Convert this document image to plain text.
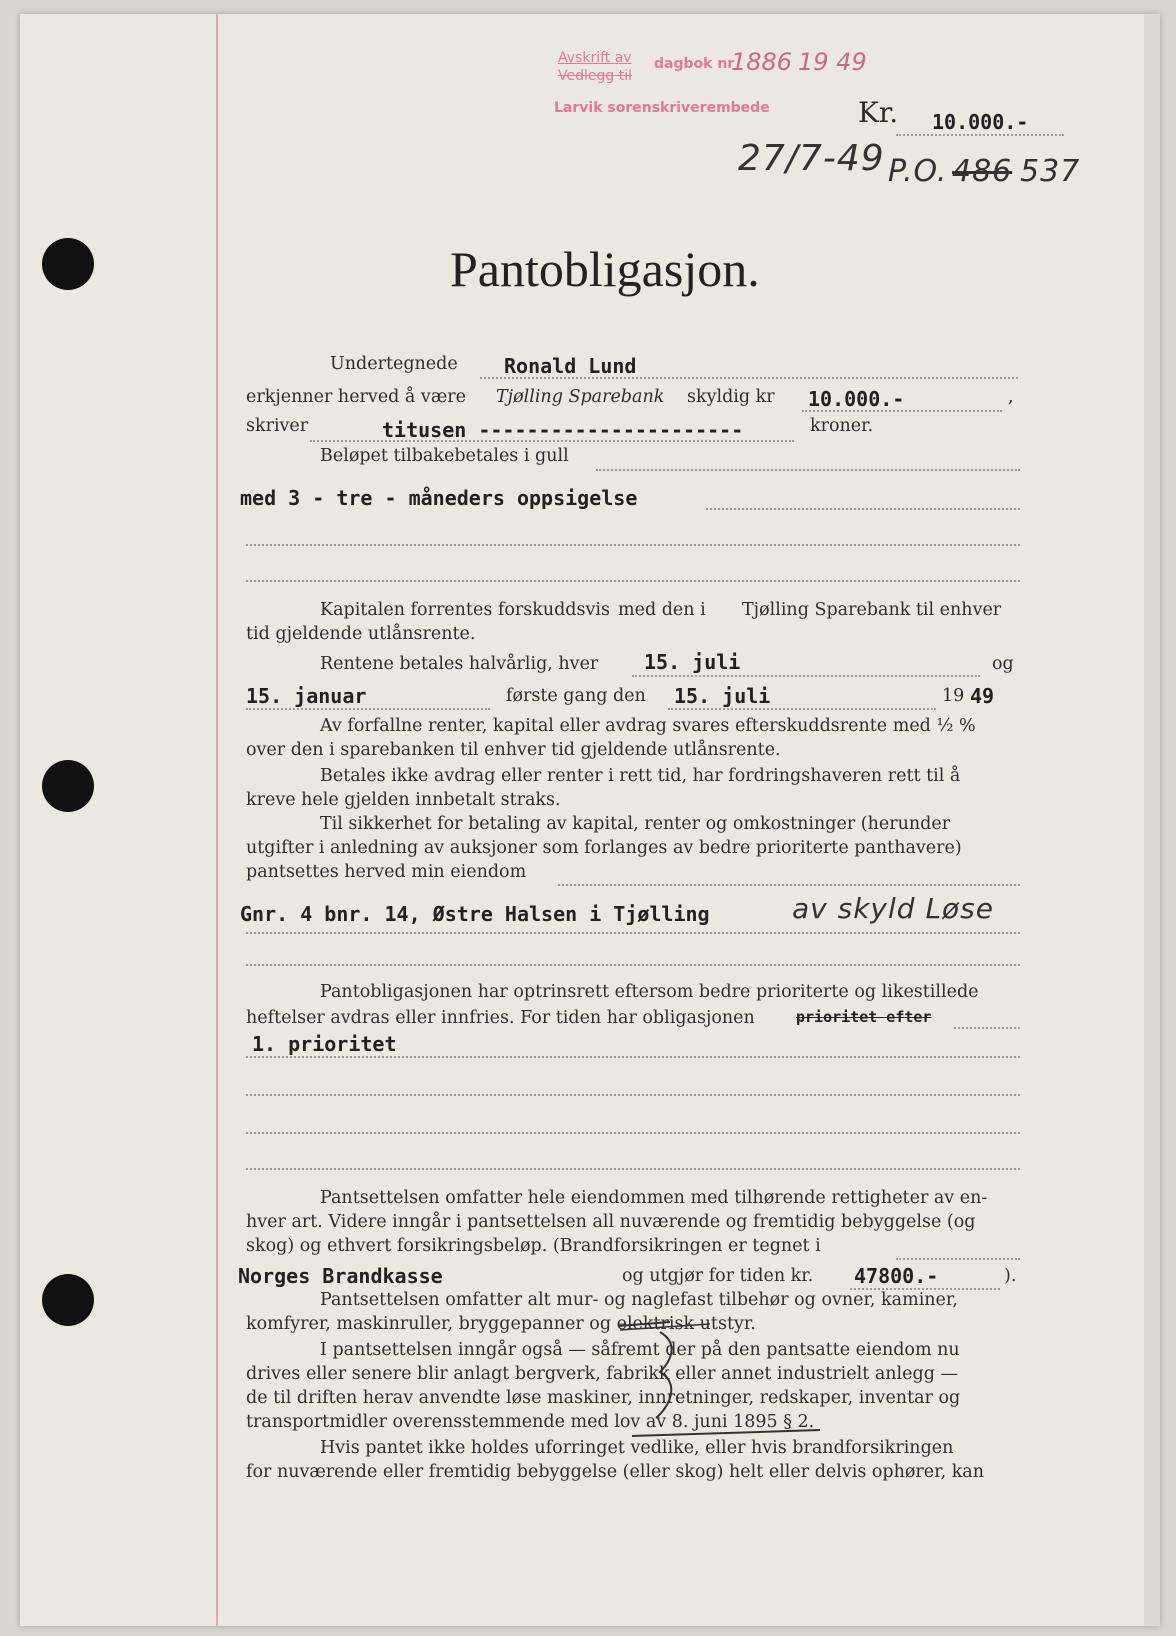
Avskrift av
Vedlegg til
dagbok nr
1886 19 49
Larvik sorenskriverembede	Kr. 10.000.-
27/7-49 P.O. 486 537
Pantobligasjon.
Undertegnede Ronald Lund
erkjenner herved å være Tjølling Sparebank skyldig kr 10.000.-	,
skriver	titusen ----------------------	kroner.
Beløpet tilbakebetales i gull
med 3 - tre - måneders oppsigelse
Kapitalen forrentes forskuddsvis med den i Tjølling Sparebank til enhver
tid gjeldende utlånsrente.
Rentene betales halvårlig, hver 15. juli	og
15. januar	første gang den 15. juli	19 49
Av forfallne renter, kapital eller avdrag svares efterskuddsrente med ½ %
over den i sparebanken til enhver tid gjeldende utlånsrente.
Betales ikke avdrag eller renter i rett tid, har fordringshaveren rett til å
kreve hele gjelden innbetalt straks.
Til sikkerhet for betaling av kapital, renter og omkostninger (herunder
utgifter i anledning av auksjoner som forlanges av bedre prioriterte panthavere)
pantsettes herved min eiendom
Gnr. 4 bnr. 14, Østre Halsen i Tjølling	av skyld Løse
Pantobligasjonen har optrinsrett eftersom bedre prioriterte og likestillede
heftelser avdras eller innfries. For tiden har obligasjonen	prioritet efter
1. prioritet
Pantsettelsen omfatter hele eiendommen med tilhørende rettigheter av en-
hver art. Videre inngår i pantsettelsen all nuværende og fremtidig bebyggelse (og
skog) og ethvert forsikringsbeløp. (Brandforsikringen er tegnet i
Norges Brandkasse	og utgjør for tiden kr. 47800.-	).
Pantsettelsen omfatter alt mur- og naglefast tilbehør og ovner, kaminer,
komfyrer, maskinruller, bryggepanner og elektrisk utstyr.
I pantsettelsen inngår også — såfremt der på den pantsatte eiendom nu
drives eller senere blir anlagt bergverk, fabrikk eller annet industrielt anlegg —
de til driften herav anvendte løse maskiner, innretninger, redskaper, inventar og
transportmidler overensstemmende med lov av 8. juni 1895 § 2.
Hvis pantet ikke holdes uforringet vedlike, eller hvis brandforsikringen
for nuværende eller fremtidig bebyggelse (eller skog) helt eller delvis ophører, kan
